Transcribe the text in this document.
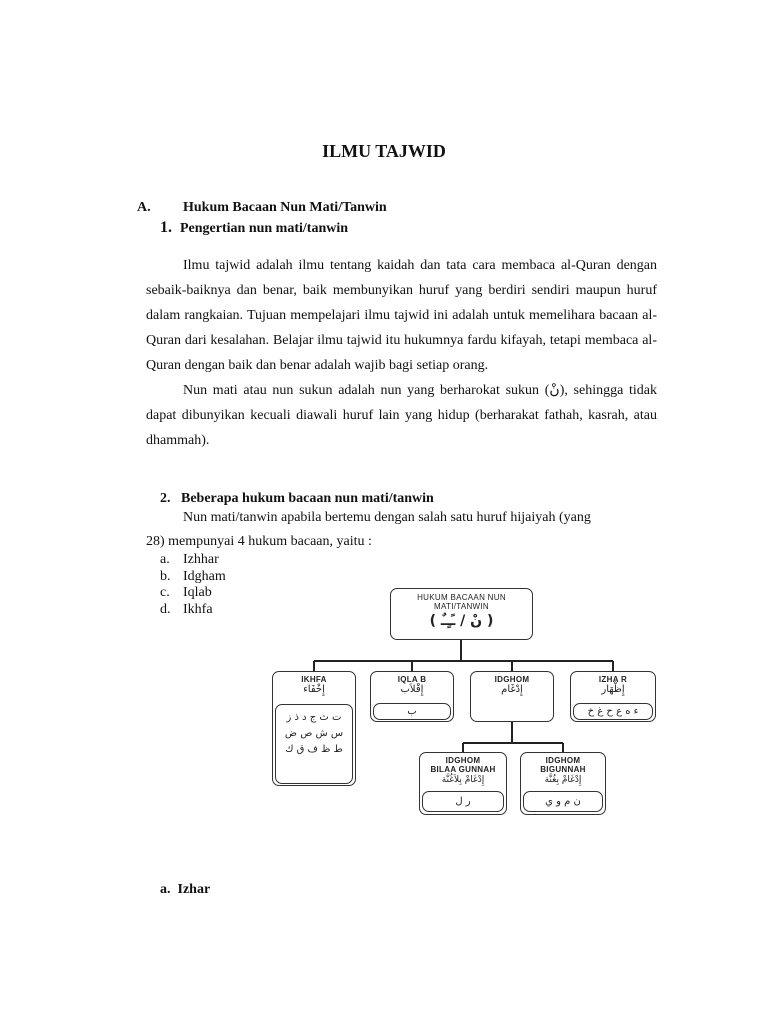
ILMU TAJWID
A. Hukum Bacaan Nun Mati/Tanwin
1. Pengertian nun mati/tanwin

Ilmu tajwid adalah ilmu tentang kaidah dan tata cara membaca al-Quran dengan sebaik-baiknya dan benar, baik membunyikan huruf yang berdiri sendiri maupun huruf dalam rangkaian. Tujuan mempelajari ilmu tajwid ini adalah untuk memelihara bacaan al-Quran dari kesalahan. Belajar ilmu tajwid itu hukumnya fardu kifayah, tetapi membaca al-Quran dengan baik dan benar adalah wajib bagi setiap orang.

Nun mati atau nun sukun adalah nun yang berharokat sukun (نْ), sehingga tidak dapat dibunyikan kecuali diawali huruf lain yang hidup (berharakat fathah, kasrah, atau dhammah).

2. Beberapa hukum bacaan nun mati/tanwin
Nun mati/tanwin apabila bertemu dengan salah satu huruf hijaiyah (yang
28) mempunyai 4 hukum bacaan, yaitu :
a. Izhhar
b. Idgham
c. Iqlab
d. Ikhfa
HUKUM BACAAN NUN
MATI/TANWIN
( نْ / ـًـٍـٌ )
IKHFA
إِخْفَاء
ت ث ج د ذ ز
س ش ص ض
ط ظ ف ق ك
IQLA B
إِقْلاَب
ب
IDGHOM
إِدْغَام
IZHA R
إِظْهَار
ء ه ع ح غ خ
IDGHOM
BILAA GUNNAH
إِدْغَامْ بِلاَغُنَّة
ر ل
IDGHOM
BIGUNNAH
إِدْغَامْ بِغُنَّة
ن م و ي
a. Izhar
